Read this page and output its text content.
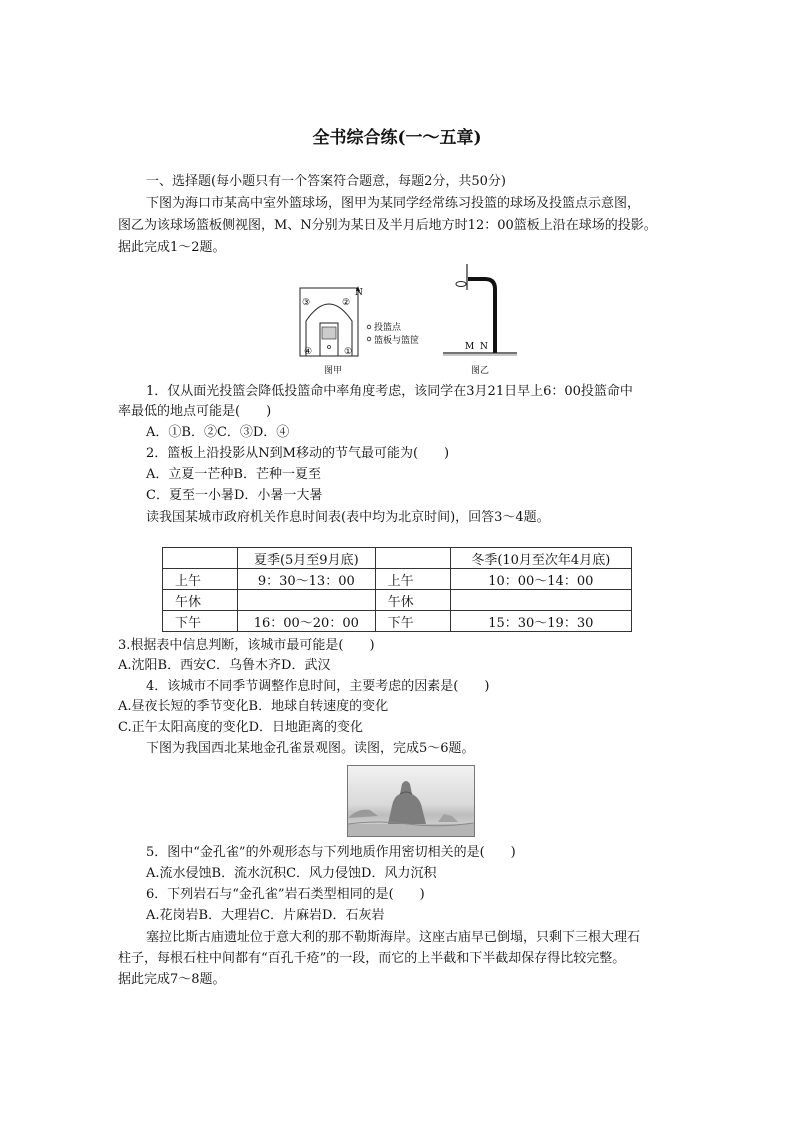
全书综合练(一～五章)
一、选择题(每小题只有一个答案符合题意，每题2分，共50分)
下图为海口市某高中室外篮球场，图甲为某同学经常练习投篮的球场及投篮点示意图，
图乙为该球场篮板侧视图，M、N分别为某日及半月后地方时12：00篮板上沿在球场的投影。
据此完成1～2题。
③	②
④	①
N
投篮点
篮板与篮筐
图甲
M N
图乙
1．仅从面光投篮会降低投篮命中率角度考虑，该同学在3月21日早上6：00投篮命中
率最低的地点可能是(　　)
A．①B．②C．③D．④
2．篮板上沿投影从N到M移动的节气最可能为(　　)
A．立夏一芒种B．芒种一夏至
C．夏至一小暑D．小暑一大暑
读我国某城市政府机关作息时间表(表中均为北京时间)，回答3～4题。
	夏季(5月至9月底)		冬季(10月至次年4月底)
上午	9：30～13：00	上午	10：00～14：00
午休		午休	
下午	16：00～20：00	下午	15：30～19：30
3.根据表中信息判断，该城市最可能是(　　)
A.沈阳B．西安C．乌鲁木齐D．武汉
4．该城市不同季节调整作息时间，主要考虑的因素是(　　)
A.昼夜长短的季节变化B．地球自转速度的变化
C.正午太阳高度的变化D．日地距离的变化
下图为我国西北某地金孔雀景观图。读图，完成5～6题。
5．图中“金孔雀”的外观形态与下列地质作用密切相关的是(　　)
A.流水侵蚀B．流水沉积C．风力侵蚀D．风力沉积
6．下列岩石与“金孔雀”岩石类型相同的是(　　)
A.花岗岩B．大理岩C．片麻岩D．石灰岩
塞拉比斯古庙遗址位于意大利的那不勒斯海岸。这座古庙早已倒塌，只剩下三根大理石
柱子，每根石柱中间都有“百孔千疮”的一段，而它的上半截和下半截却保存得比较完整。
据此完成7～8题。
